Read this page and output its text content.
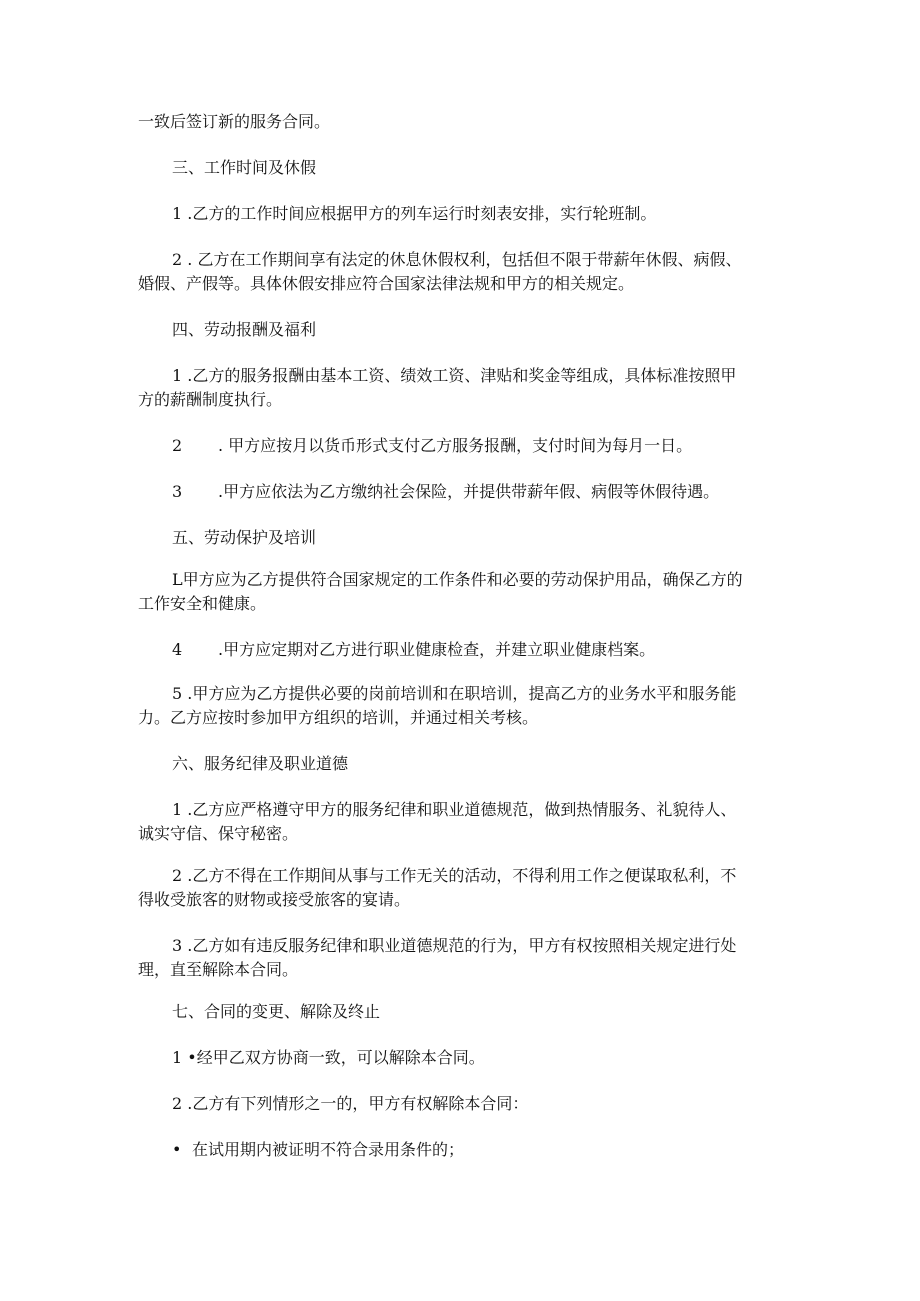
一致后签订新的服务合同。
三、工作时间及休假
1 .乙方的工作时间应根据甲方的列车运行时刻表安排，实行轮班制。
2 . 乙方在工作期间享有法定的休息休假权利，包括但不限于带薪年休假、病假、
婚假、产假等。具体休假安排应符合国家法律法规和甲方的相关规定。
四、劳动报酬及福利
1 .乙方的服务报酬由基本工资、绩效工资、津贴和奖金等组成，具体标准按照甲
方的薪酬制度执行。
2 . 甲方应按月以货币形式支付乙方服务报酬，支付时间为每月一日。
3 .甲方应依法为乙方缴纳社会保险，并提供带薪年假、病假等休假待遇。
五、劳动保护及培训
L甲方应为乙方提供符合国家规定的工作条件和必要的劳动保护用品，确保乙方的
工作安全和健康。
4 .甲方应定期对乙方进行职业健康检查，并建立职业健康档案。
5 .甲方应为乙方提供必要的岗前培训和在职培训，提高乙方的业务水平和服务能
力。乙方应按时参加甲方组织的培训，并通过相关考核。
六、服务纪律及职业道德
1 .乙方应严格遵守甲方的服务纪律和职业道德规范，做到热情服务、礼貌待人、
诚实守信、保守秘密。
2 .乙方不得在工作期间从事与工作无关的活动，不得利用工作之便谋取私利，不
得收受旅客的财物或接受旅客的宴请。
3 .乙方如有违反服务纪律和职业道德规范的行为，甲方有权按照相关规定进行处
理，直至解除本合同。
七、合同的变更、解除及终止
1 •经甲乙双方协商一致，可以解除本合同。
2 .乙方有下列情形之一的，甲方有权解除本合同：
• 在试用期内被证明不符合录用条件的；
